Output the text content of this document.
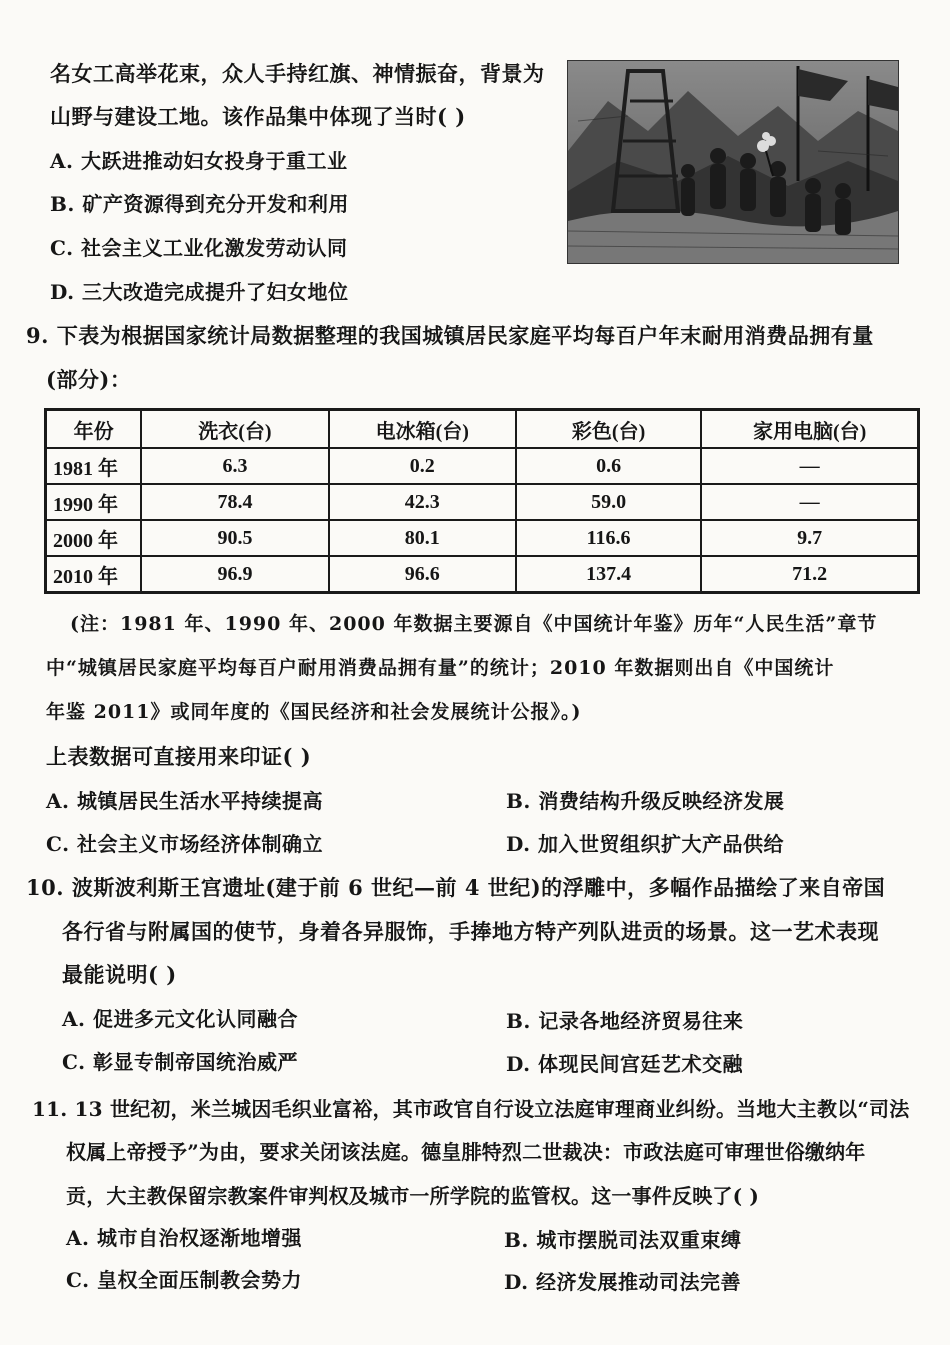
名女工高举花束，众人手持红旗、神情振奋，背景为
山野与建设工地。该作品集中体现了当时( )
A. 大跃进推动妇女投身于重工业
B. 矿产资源得到充分开发和利用
C. 社会主义工业化激发劳动认同
D. 三大改造完成提升了妇女地位
9. 下表为根据国家统计局数据整理的我国城镇居民家庭平均每百户年末耐用消费品拥有量
(部分)：
年份	洗衣(台)	电冰箱(台)	彩色(台)	家用电脑(台)
1981 年	6.3	0.2	0.6	—
1990 年	78.4	42.3	59.0	—
2000 年	90.5	80.1	116.6	9.7
2010 年	96.9	96.6	137.4	71.2
(注：1981 年、1990 年、2000 年数据主要源自《中国统计年鉴》历年“人民生活”章节
中“城镇居民家庭平均每百户耐用消费品拥有量”的统计；2010 年数据则出自《中国统计
年鉴 2011》或同年度的《国民经济和社会发展统计公报》。)
上表数据可直接用来印证( )
A. 城镇居民生活水平持续提高	B. 消费结构升级反映经济发展
C. 社会主义市场经济体制确立	D. 加入世贸组织扩大产品供给
10. 波斯波利斯王宫遗址(建于前 6 世纪—前 4 世纪)的浮雕中，多幅作品描绘了来自帝国
各行省与附属国的使节，身着各异服饰，手捧地方特产列队进贡的场景。这一艺术表现
最能说明( )
A. 促进多元文化认同融合	B. 记录各地经济贸易往来
C. 彰显专制帝国统治威严	D. 体现民间宫廷艺术交融
11. 13 世纪初，米兰城因毛织业富裕，其市政官自行设立法庭审理商业纠纷。当地大主教以“司法
权属上帝授予”为由，要求关闭该法庭。德皇腓特烈二世裁决：市政法庭可审理世俗缴纳年
贡，大主教保留宗教案件审判权及城市一所学院的监管权。这一事件反映了( )
A. 城市自治权逐渐地增强	B. 城市摆脱司法双重束缚
C. 皇权全面压制教会势力	D. 经济发展推动司法完善
